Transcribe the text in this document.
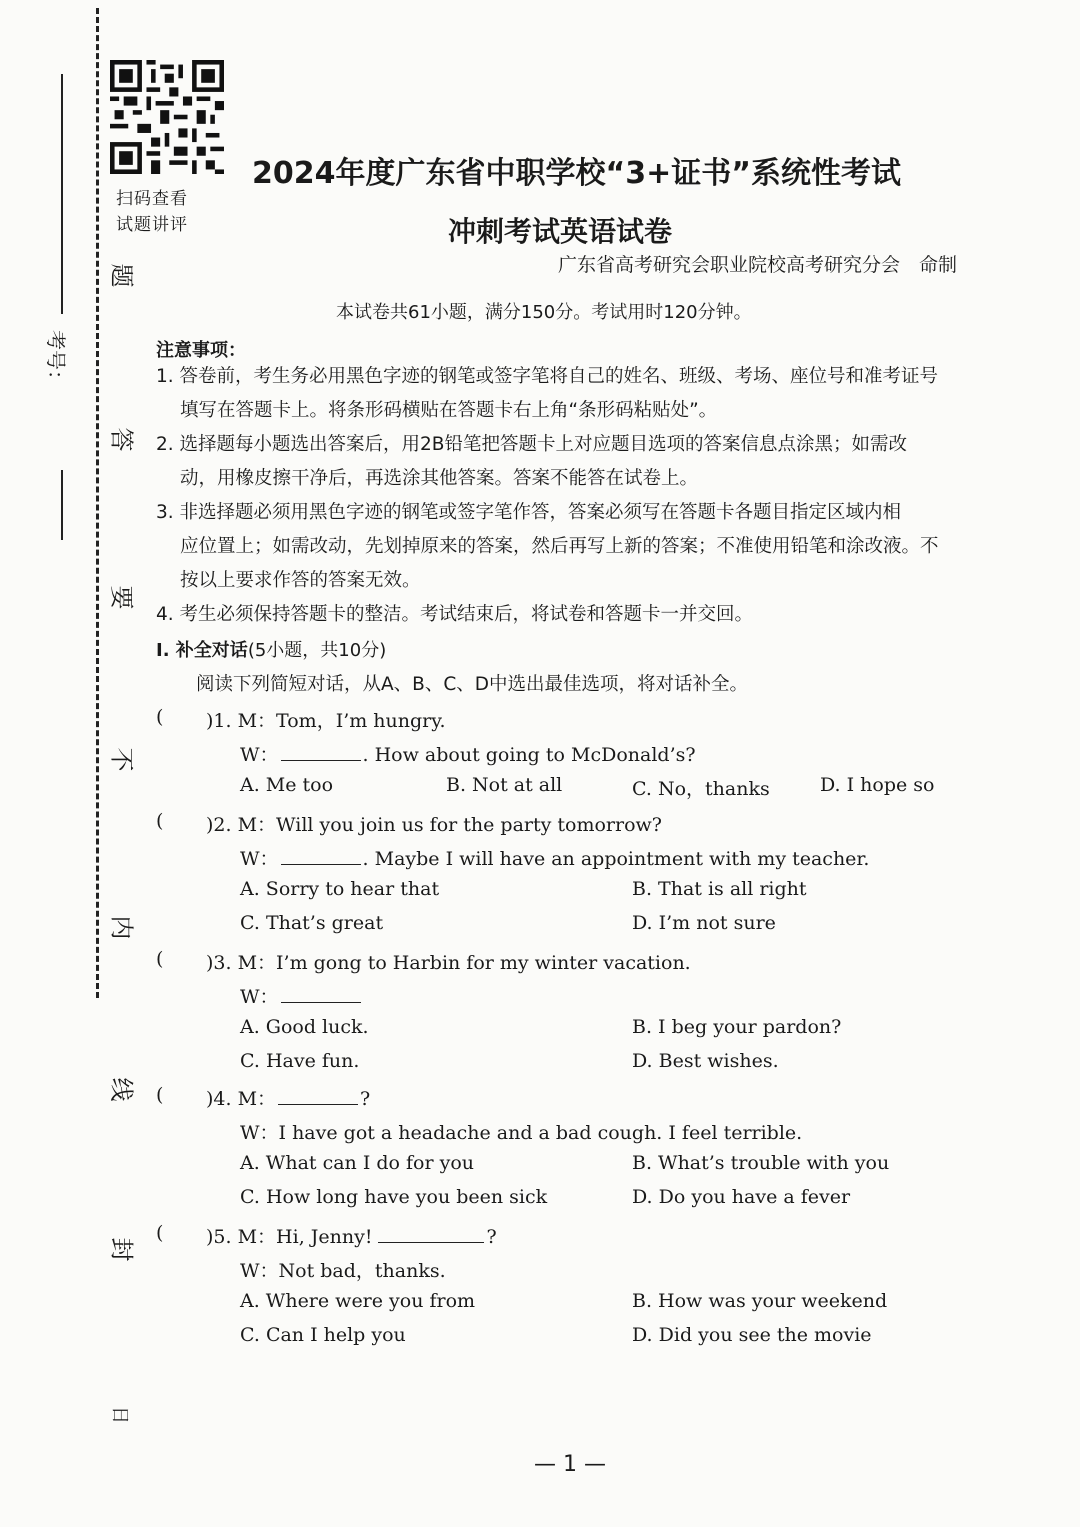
考号：
题
答
要
不
内
线
封
日
扫码查看
试题讲评
2024年度广东省中职学校“3+证书”系统性考试
冲刺考试英语试卷
广东省高考研究会职业院校高考研究分会　命制
本试卷共61小题，满分150分。考试用时120分钟。
注意事项：
1. 答卷前，考生务必用黑色字迹的钢笔或签字笔将自己的姓名、班级、考场、座位号和准考证号
填写在答题卡上。将条形码横贴在答题卡右上角“条形码粘贴处”。
2. 选择题每小题选出答案后，用2B铅笔把答题卡上对应题目选项的答案信息点涂黑；如需改
动，用橡皮擦干净后，再选涂其他答案。答案不能答在试卷上。
3. 非选择题必须用黑色字迹的钢笔或签字笔作答，答案必须写在答题卡各题目指定区域内相
应位置上；如需改动，先划掉原来的答案，然后再写上新的答案；不准使用铅笔和涂改液。不
按以上要求作答的答案无效。
4. 考生必须保持答题卡的整洁。考试结束后，将试卷和答题卡一并交回。
Ⅰ. 补全对话(5小题，共10分)
阅读下列简短对话，从A、B、C、D中选出最佳选项，将对话补全。
( )1. M：Tom，I’m hungry.
W：	. How about going to McDonald’s?
A. Me too	B. Not at all	C. No，thanks	D. I hope so
( )2. M：Will you join us for the party tomorrow?
W：	. Maybe I will have an appointment with my teacher.
A. Sorry to hear that	B. That is all right
C. That’s great	D. I’m not sure
( )3. M：I’m gong to Harbin for my winter vacation.
W：
A. Good luck.	B. I beg your pardon?
C. Have fun.	D. Best wishes.
( )4. M：	?
W：I have got a headache and a bad cough. I feel terrible.
A. What can I do for you	B. What’s trouble with you
C. How long have you been sick	D. Do you have a fever
( )5. M：Hi, Jenny!	?
W：Not bad，thanks.
A. Where were you from	B. How was your weekend
C. Can I help you	D. Did you see the movie
— 1 —
